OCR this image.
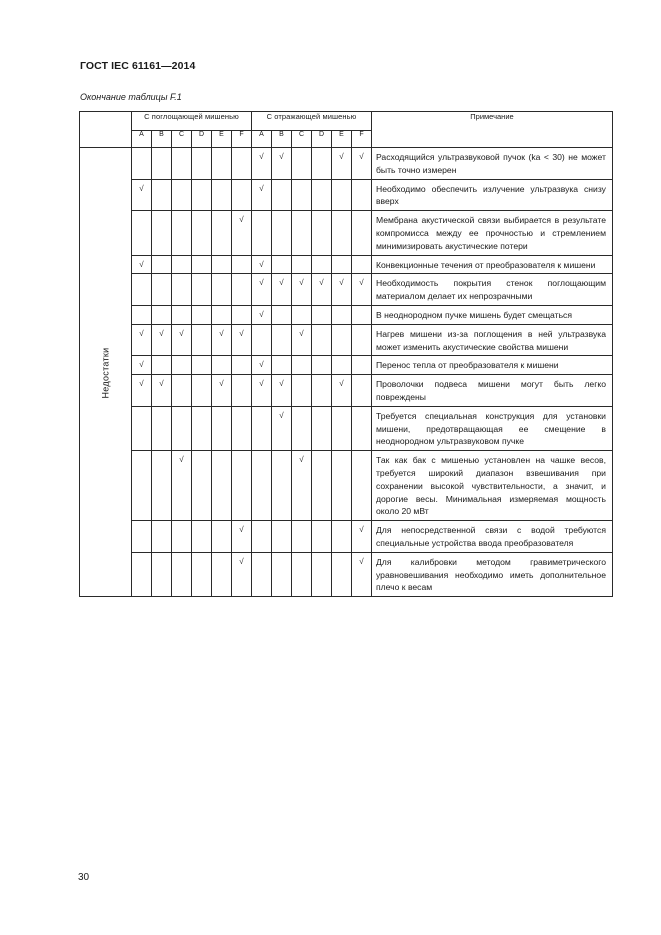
ГОСТ IEC 61161—2014
Окончание таблицы F.1
	С поглощающей мишенью						С отражающей мишенью						Примечание
	A	B	C	D	E	F	A	B	C	D	E	F	
Недостатки							√	√			√	√	Расходящийся ультразвуковой пучок (ka < 30) не может быть точно измерен
	√						√						Необходимо обеспечить излучение ультразвука снизу вверх
						√							Мембрана акустической связи выбирается в результате компромисса между ее прочностью и стремлением минимизировать акустические потери
	√						√						Конвекционные течения от преобразователя к мишени
							√	√	√	√	√	√	Необходимость покрытия стенок поглощающим материалом делает их непрозрачными
							√						В неоднородном пучке мишень будет смещаться
	√	√	√		√	√			√				Нагрев мишени из-за поглощения в ней ультразвука может изменить акустические свойства мишени
	√						√						Перенос тепла от преобразователя к мишени
	√	√			√		√	√			√		Проволочки подвеса мишени могут быть легко повреждены
								√					Требуется специальная конструкция для установки мишени, предотвращающая ее смещение в неоднородном ультразвуковом пучке
			√						√				Так как бак с мишенью установлен на чашке весов, требуется широкий диапазон взвешивания при сохранении высокой чувствительности, а значит, и дорогие весы. Минимальная измеряемая мощность около 20 мВт
						√						√	Для непосредственной связи с водой требуются специальные устройства ввода преобразователя
						√						√	Для калибровки методом гравиметрического уравновешивания необходимо иметь дополнительное плечо к весам
30
